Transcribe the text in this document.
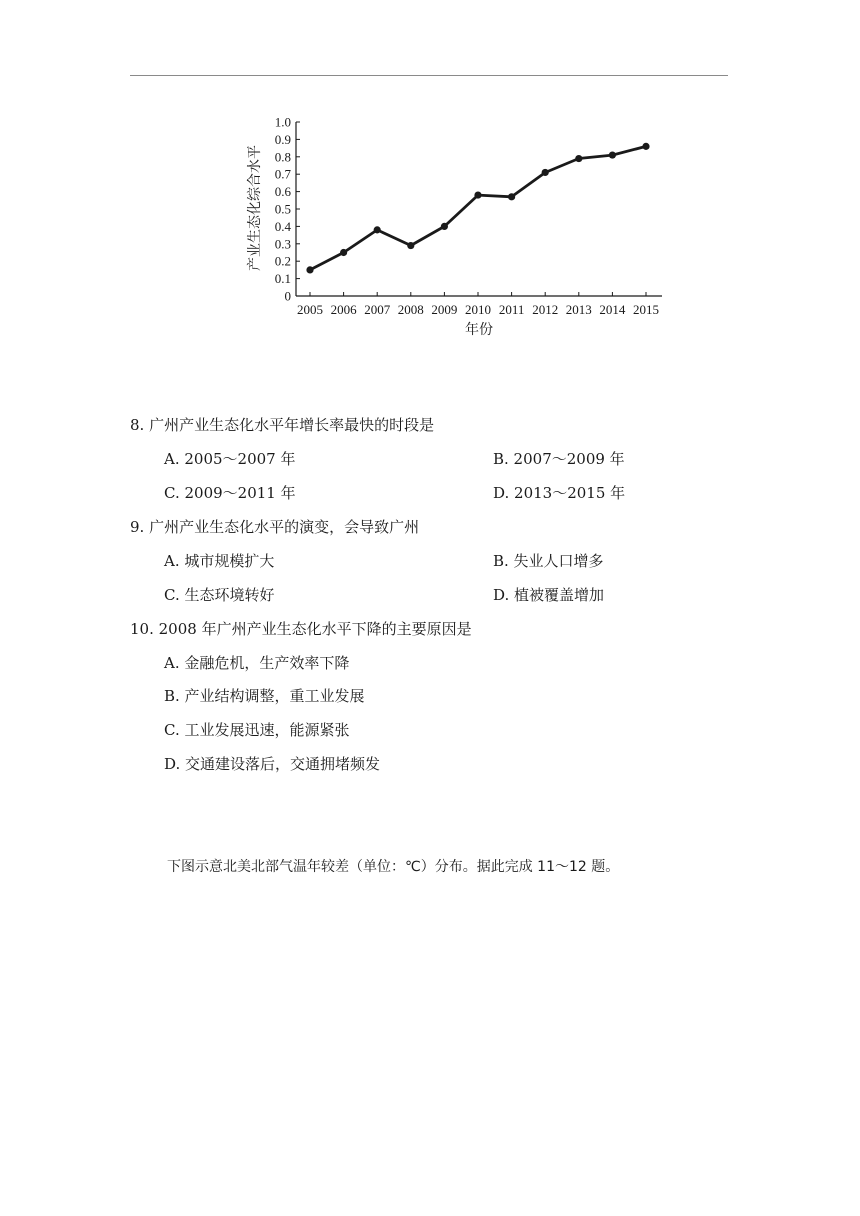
0
0.1
0.2
0.3
0.4
0.5
0.6
0.7
0.8
0.9
1.0
2005 2006 2007 2008 2009 2010 2011 2012 2013 2014 2015
产业生态化综合水平
年份
8. 广州产业生态化水平年增长率最快的时段是
A. 2005～2007 年	B. 2007～2009 年
C. 2009～2011 年	D. 2013～2015 年
9. 广州产业生态化水平的演变，会导致广州
A. 城市规模扩大	B. 失业人口增多
C. 生态环境转好	D. 植被覆盖增加
10. 2008 年广州产业生态化水平下降的主要原因是
A. 金融危机，生产效率下降
B. 产业结构调整，重工业发展
C. 工业发展迅速，能源紧张
D. 交通建设落后，交通拥堵频发
下图示意北美北部气温年较差（单位：℃）分布。据此完成 11～12 题。
